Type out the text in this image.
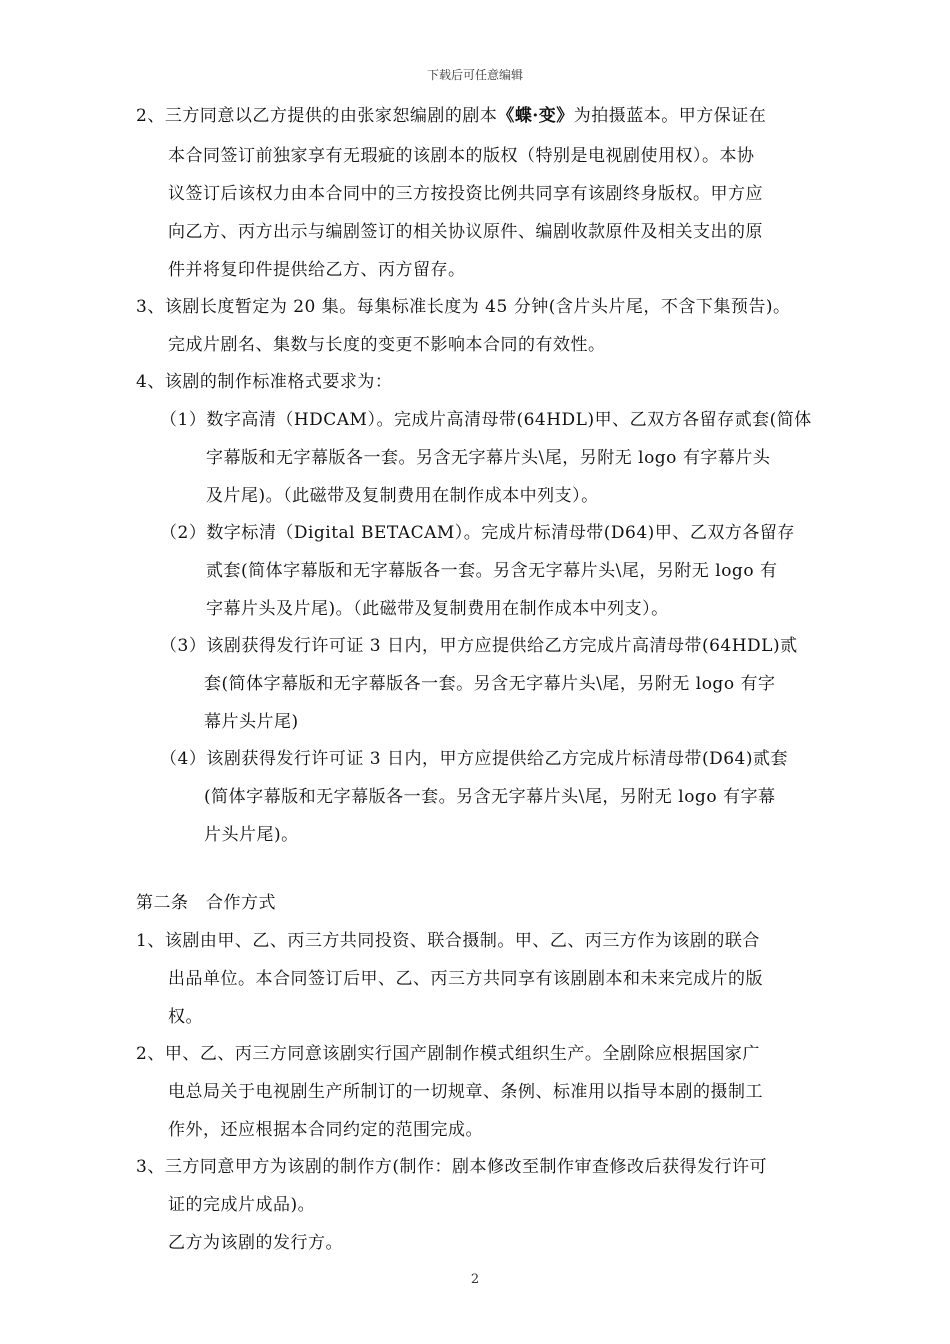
下载后可任意编辑
2、三方同意以乙方提供的由张家恕编剧的剧本《蝶·变》为拍摄蓝本。甲方保证在
本合同签订前独家享有无瑕疵的该剧本的版权（特别是电视剧使用权）。本协
议签订后该权力由本合同中的三方按投资比例共同享有该剧终身版权。甲方应
向乙方、丙方出示与编剧签订的相关协议原件、编剧收款原件及相关支出的原
件并将复印件提供给乙方、丙方留存。
3、该剧长度暂定为 20 集。每集标准长度为 45 分钟(含片头片尾，不含下集预告)。
完成片剧名、集数与长度的变更不影响本合同的有效性。
4、该剧的制作标准格式要求为：
（1）数字高清（HDCAM）。完成片高清母带(64HDL)甲、乙双方各留存贰套(简体
字幕版和无字幕版各一套。另含无字幕片头\尾，另附无 logo 有字幕片头
及片尾)。（此磁带及复制费用在制作成本中列支）。
（2）数字标清（Digital BETACAM）。完成片标清母带(D64)甲、乙双方各留存
贰套(简体字幕版和无字幕版各一套。另含无字幕片头\尾，另附无 logo 有
字幕片头及片尾)。（此磁带及复制费用在制作成本中列支）。
（3）该剧获得发行许可证 3 日内，甲方应提供给乙方完成片高清母带(64HDL)贰
套(简体字幕版和无字幕版各一套。另含无字幕片头\尾，另附无 logo 有字
幕片头片尾)
（4）该剧获得发行许可证 3 日内，甲方应提供给乙方完成片标清母带(D64)贰套
(简体字幕版和无字幕版各一套。另含无字幕片头\尾，另附无 logo 有字幕
片头片尾)。
第二条　合作方式
1、该剧由甲、乙、丙三方共同投资、联合摄制。甲、乙、丙三方作为该剧的联合
出品单位。本合同签订后甲、乙、丙三方共同享有该剧剧本和未来完成片的版
权。
2、甲、乙、丙三方同意该剧实行国产剧制作模式组织生产。全剧除应根据国家广
电总局关于电视剧生产所制订的一切规章、条例、标准用以指导本剧的摄制工
作外，还应根据本合同约定的范围完成。
3、三方同意甲方为该剧的制作方(制作：剧本修改至制作审查修改后获得发行许可
证的完成片成品)。
乙方为该剧的发行方。
2
